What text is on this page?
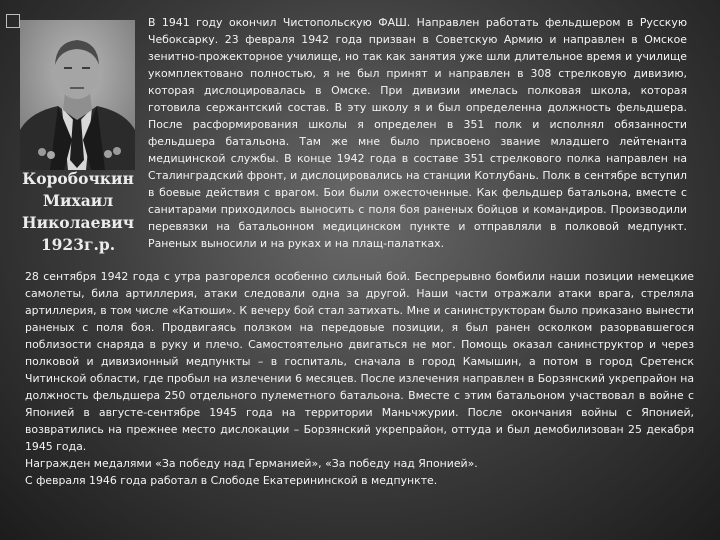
Коробочкин
Михаил
Николаевич
1923г.р.

В 1941 году окончил Чистопольскую ФАШ. Направлен работать фельдшером в Русскую Чебоксарку. 23 февраля 1942 года призван в Советскую Армию и направлен в Омское зенитно-прожекторное училище, но так как занятия уже шли длительное время и училище укомплектовано полностью, я не был принят и направлен в 308 стрелковую дивизию, которая дислоцировалась в Омске. При дивизии имелась полковая школа, которая готовила сержантский состав. В эту школу я и был определенна должность фельдшера. После расформирования школы я определен в 351 полк и исполнял обязанности фельдшера батальона. Там же мне было присвоено звание младшего лейтенанта медицинской службы. В конце 1942 года в составе 351 стрелкового полка направлен на Сталинградский фронт, и дислоцировались на станции Котлубань. Полк в сентябре вступил в боевые действия с врагом. Бои были ожесточенные. Как фельдшер батальона, вместе с санитарами приходилось выносить с поля боя раненых бойцов и командиров. Производили перевязки на батальонном медицинском пункте и отправляли в полковой медпункт. Раненых выносили и на руках и на плащ-палатках.

28 сентября 1942 года с утра разгорелся особенно сильный бой. Беспрерывно бомбили наши позиции немецкие самолеты, била артиллерия, атаки следовали одна за другой. Наши части отражали атаки врага, стреляла артиллерия, в том числе «Катюши». К вечеру бой стал затихать. Мне и санинструкторам было приказано вынести раненых с поля боя. Продвигаясь ползком на передовые позиции, я был ранен осколком разорвавшегося поблизости снаряда в руку и плечо. Самостоятельно двигаться не мог. Помощь оказал санинструктор и через полковой и дивизионный медпункты – в госпиталь, сначала в город Камышин, а потом в город Сретенск Читинской области, где пробыл на излечении 6 месяцев. После излечения направлен в Борзянский укрепрайон на должность фельдшера 250 отдельного пулеметного батальона. Вместе с этим батальоном участвовал в войне с Японией в августе-сентябре 1945 года на территории Маньчжурии. После окончания войны с Японией, возвратились на прежнее место дислокации – Борзянский укрепрайон, оттуда и был демобилизован 25 декабря 1945 года.

Награжден медалями «За победу над Германией», «За победу над Японией».

С февраля 1946 года работал в Слободе Екатерининской в медпункте.
